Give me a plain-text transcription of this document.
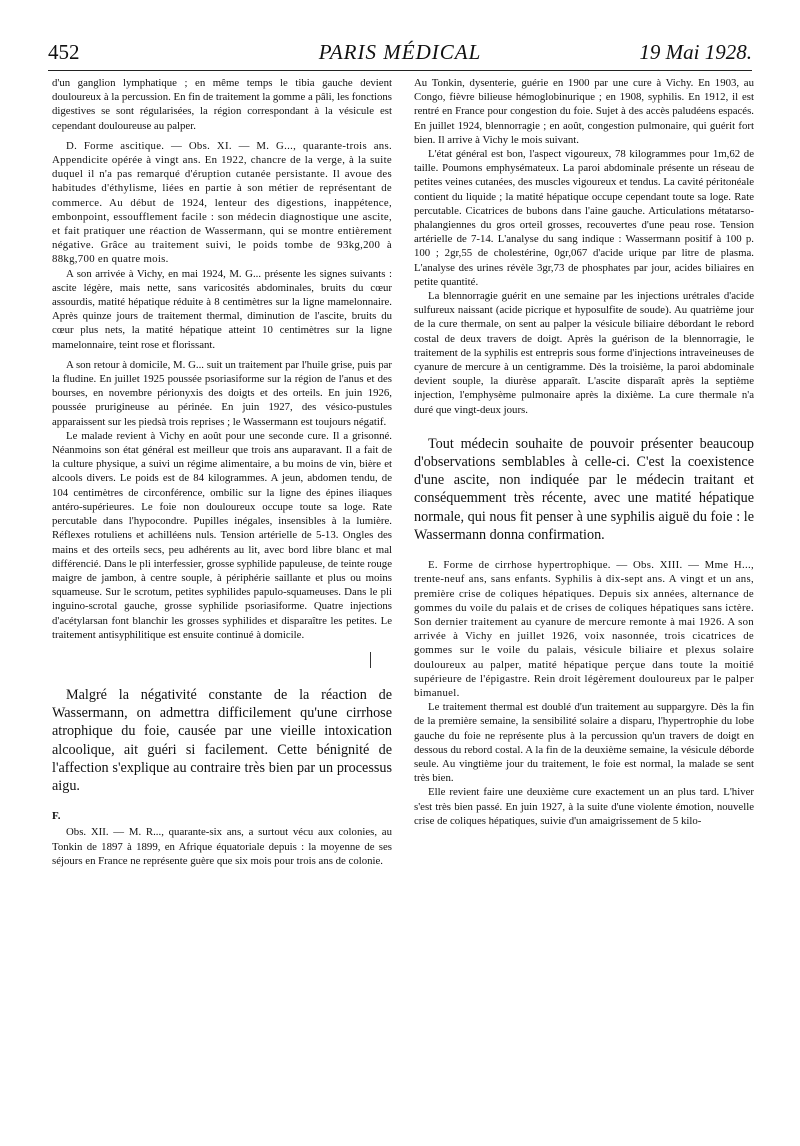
452	PARIS MÉDICAL	19 Mai 1928.

d'un ganglion lymphatique ; en même temps le tibia gauche devient douloureux à la percussion. En fin de traitement la gomme a pâli, les fonctions digestives se sont régularisées, la région correspondant à la vésicule est cependant douloureuse au palper.

D. Forme ascitique. — Obs. XI. — M. G..., quarante-trois ans. Appendicite opérée à vingt ans. En 1922, chancre de la verge, à la suite duquel il n'a pas remarqué d'éruption cutanée persistante. Il avoue des habitudes d'éthylisme, liées en partie à son métier de représentant de commerce. Au début de 1924, lenteur des digestions, inappétence, embonpoint, essoufflement facile : son médecin diagnostique une ascite, et fait pratiquer une réaction de Wassermann, qui se montre entièrement négative. Grâce au traitement suivi, le poids tombe de 93kg,200 à 88kg,700 en quatre mois.

A son arrivée à Vichy, en mai 1924, M. G... présente les signes suivants : ascite légère, mais nette, sans varicosités abdominales, bruits du cœur assourdis, matité hépatique réduite à 8 centimètres sur la ligne mamelonnaire. Après quinze jours de traitement thermal, diminution de l'ascite, bruits du cœur plus nets, la matité hépatique atteint 10 centimètres sur la ligne mamelonnaire, teint rose et florissant.

A son retour à domicile, M. G... suit un traitement par l'huile grise, puis par la fludine. En juillet 1925 poussée psoriasiforme sur la région de l'anus et des bourses, en novembre périonyxis des doigts et des orteils. En juin 1926, poussée prurigineuse au périnée. En juin 1927, des vésico-pustules apparaissent sur les piedsà trois reprises ; le Wassermann est toujours négatif.

Le malade revient à Vichy en août pour une seconde cure. Il a grisonné. Néanmoins son état général est meilleur que trois ans auparavant. Il a fait de la culture physique, a suivi un régime alimentaire, a bu moins de vin, bière et alcools divers. Le poids est de 84 kilogrammes. A jeun, abdomen tendu, de 104 centimètres de circonférence, ombilic sur la ligne des épines iliaques antéro-supérieures. Le foie non douloureux occupe toute sa loge. Rate percutable dans l'hypocondre. Pupilles inégales, insensibles à la lumière. Réflexes rotuliens et achilléens nuls. Tension artérielle de 5-13. Ongles des mains et des orteils secs, peu adhérents au lit, avec bord libre blanc et mal différencié. Dans le pli interfessier, grosse syphilide papuleuse, de teinte rouge maigre de jambon, à centre souple, à périphérie saillante et plus ou moins squameuse. Sur le scrotum, petites syphilides papulo-squameuses. Dans le pli inguino-scrotal gauche, grosse syphilide psoriasiforme. Quatre injections d'acétylarsan font blanchir les grosses syphilides et disparaître les petites. Le traitement antisyphilitique est ensuite continué à domicile.

Malgré la négativité constante de la réaction de Wassermann, on admettra difficilement qu'une cirrhose atrophique du foie, causée par une vieille intoxication alcoolique, ait guéri si facilement. Cette bénignité de l'affection s'explique au contraire très bien par un processus aigu.

F.

Obs. XII. — M. R..., quarante-six ans, a surtout vécu aux colonies, au Tonkin de 1897 à 1899, en Afrique équatoriale depuis : la moyenne de ses séjours en France ne représente guère que six mois pour trois ans de colonie.

Au Tonkin, dysenterie, guérie en 1900 par une cure à Vichy. En 1903, au Congo, fièvre bilieuse hémoglobinurique ; en 1908, syphilis. En 1912, il est rentré en France pour congestion du foie. Sujet à des accès paludéens espacés. En juillet 1924, blennorragie ; en août, congestion pulmonaire, qui guérit fort bien. Il arrive à Vichy le mois suivant.

L'état général est bon, l'aspect vigoureux, 78 kilogrammes pour 1m,62 de taille. Poumons emphysémateux. La paroi abdominale présente un réseau de petites veines cutanées, des muscles vigoureux et tendus. La cavité péritonéale contient du liquide ; la matité hépatique occupe cependant toute sa loge. Rate percutable. Cicatrices de bubons dans l'aine gauche. Articulations métatarso-phalangiennes du gros orteil grosses, recouvertes d'une peau rose. Tension artérielle de 7-14. L'analyse du sang indique : Wassermann positif à 100 p. 100 ; 2gr,55 de cholestérine, 0gr,067 d'acide urique par litre de plasma. L'analyse des urines révèle 3gr,73 de phosphates par jour, acides biliaires en petite quantité.

La blennorragie guérit en une semaine par les injections urétrales d'acide sulfureux naissant (acide picrique et hyposulfite de soude). Au quatrième jour de la cure thermale, on sent au palper la vésicule biliaire débordant le rebord costal de deux travers de doigt. Après la guérison de la blennorragie, le traitement de la syphilis est entrepris sous forme d'injections intraveineuses de cyanure de mercure à un centigramme. Dès la troisième, la paroi abdominale devient souple, la diurèse apparaît. L'ascite disparaît après la septième injection, l'emphysème pulmonaire après la dixième. La cure thermale n'a duré que vingt-deux jours.

Tout médecin souhaite de pouvoir présenter beaucoup d'observations semblables à celle-ci. C'est la coexistence d'une ascite, non indiquée par le médecin traitant et conséquemment très récente, avec une matité hépatique normale, qui nous fit penser à une syphilis aiguë du foie : le Wassermann donna confirmation.

E. Forme de cirrhose hypertrophique. — Obs. XIII. — Mme H..., trente-neuf ans, sans enfants. Syphilis à dix-sept ans. A vingt et un ans, première crise de coliques hépatiques. Depuis six années, alternance de gommes du voile du palais et de crises de coliques hépatiques sans ictère. Son dernier traitement au cyanure de mercure remonte à mai 1926. A son arrivée à Vichy en juillet 1926, voix nasonnée, trois cicatrices de gommes sur le voile du palais, vésicule biliaire et plexus solaire douloureux au palper, matité hépatique perçue dans toute la moitié supérieure de l'épigastre. Rein droit légèrement douloureux par le palper bimanuel.

Le traitement thermal est doublé d'un traitement au suppargyre. Dès la fin de la première semaine, la sensibilité solaire a disparu, l'hypertrophie du lobe gauche du foie ne représente plus à la percussion qu'un travers de doigt en dessous du rebord costal. A la fin de la deuxième semaine, la vésicule déborde seule. Au vingtième jour du traitement, le foie est normal, la malade se sent très bien.

Elle revient faire une deuxième cure exactement un an plus tard. L'hiver s'est très bien passé. En juin 1927, à la suite d'une violente émotion, nouvelle crise de coliques hépatiques, suivie d'un amaigrissement de 5 kilo-
